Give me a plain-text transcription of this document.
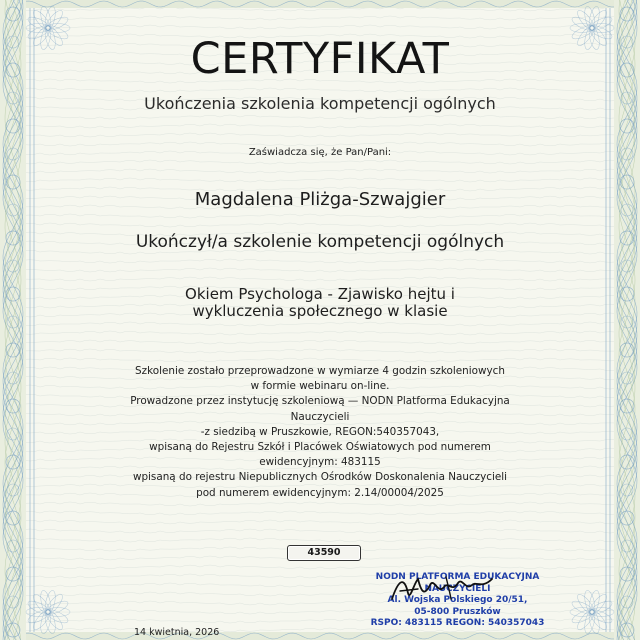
CERTYFIKAT
Ukończenia szkolenia kompetencji ogólnych
Zaświadcza się, że Pan/Pani:
Magdalena Pliżga-Szwajgier
Ukończył/a szkolenie kompetencji ogólnych
Okiem Psychologa - Zjawisko hejtu i
wykluczenia społecznego w klasie
Szkolenie zostało przeprowadzone w wymiarze 4 godzin szkoleniowych
w formie webinaru on-line.
Prowadzone przez instytucję szkoleniową — NODN Platforma Edukacyjna
Nauczycieli
-z siedzibą w Pruszkowie, REGON:540357043,
wpisaną do Rejestru Szkół i Placówek Oświatowych pod numerem
ewidencyjnym: 483115
wpisaną do rejestru Niepublicznych Ośrodków Doskonalenia Nauczycieli
pod numerem ewidencyjnym: 2.14/00004/2025
43590
NODN PLATFORMA EDUKACYJNA
NAUCZYCIELI
Al. Wojska Polskiego 20/51,
05-800 Pruszków
RSPO: 483115 REGON: 540357043
14 kwietnia, 2026
